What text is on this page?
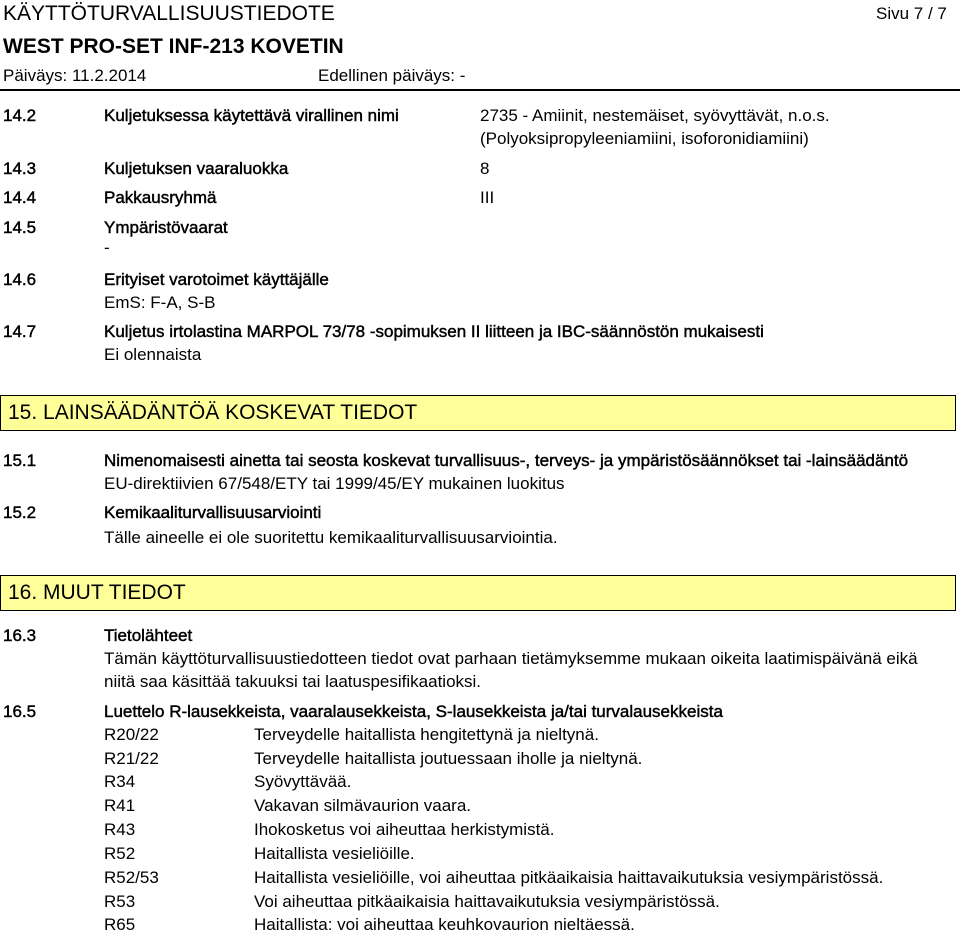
KÄYTTÖTURVALLISUUSTIEDOTE	Sivu 7 / 7
WEST PRO-SET INF-213 KOVETIN
Päiväys: 11.2.2014	Edellinen päiväys: -
14.2	Kuljetuksessa käytettävä virallinen nimi	2735 - Amiinit, nestemäiset, syövyttävät, n.o.s.
(Polyoksipropyleeniamiini, isoforonidiamiini)
14.3	Kuljetuksen vaaraluokka	8
14.4	Pakkausryhmä	III
14.5	Ympäristövaarat
-
14.6	Erityiset varotoimet käyttäjälle
EmS: F-A, S-B
14.7	Kuljetus irtolastina MARPOL 73/78 -sopimuksen II liitteen ja IBC-säännöstön mukaisesti
Ei olennaista
15. LAINSÄÄDÄNTÖÄ KOSKEVAT TIEDOT
15.1	Nimenomaisesti ainetta tai seosta koskevat turvallisuus-, terveys- ja ympäristösäännökset tai -lainsäädäntö
EU-direktiivien 67/548/ETY tai 1999/45/EY mukainen luokitus
15.2	Kemikaaliturvallisuusarviointi
Tälle aineelle ei ole suoritettu kemikaaliturvallisuusarviointia.
16. MUUT TIEDOT
16.3	Tietolähteet
Tämän käyttöturvallisuustiedotteen tiedot ovat parhaan tietämyksemme mukaan oikeita laatimispäivänä eikä
niitä saa käsittää takuuksi tai laatuspesifikaatioksi.
16.5	Luettelo R-lausekkeista, vaaralausekkeista, S-lausekkeista ja/tai turvalausekkeista
R20/22	Terveydelle haitallista hengitettynä ja nieltynä.
R21/22	Terveydelle haitallista joutuessaan iholle ja nieltynä.
R34	Syövyttävää.
R41	Vakavan silmävaurion vaara.
R43	Ihokosketus voi aiheuttaa herkistymistä.
R52	Haitallista vesieliöille.
R52/53	Haitallista vesieliöille, voi aiheuttaa pitkäaikaisia haittavaikutuksia vesiympäristössä.
R53	Voi aiheuttaa pitkäaikaisia haittavaikutuksia vesiympäristössä.
R65	Haitallista: voi aiheuttaa keuhkovaurion nieltäessä.
